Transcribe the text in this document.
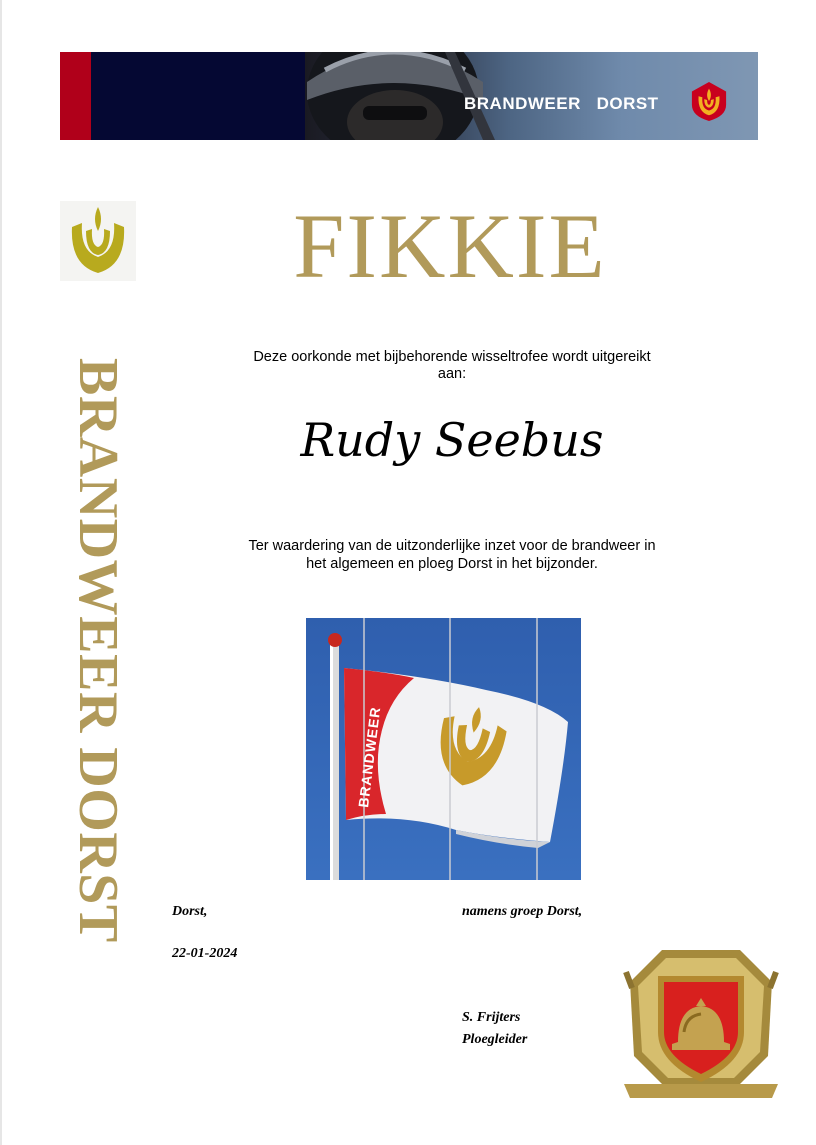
BRANDWEER DORST
BRANDWEER DORST
FIKKIE
Deze oorkonde met bijbehorende wisseltrofee wordt uitgereikt
aan:
Rudy Seebus
Ter waardering van de uitzonderlijke inzet voor de brandweer in
het algemeen en ploeg Dorst in het bijzonder.
BRANDWEER
Dorst,
22-01-2024
namens groep Dorst,
S. Frijters
Ploegleider
